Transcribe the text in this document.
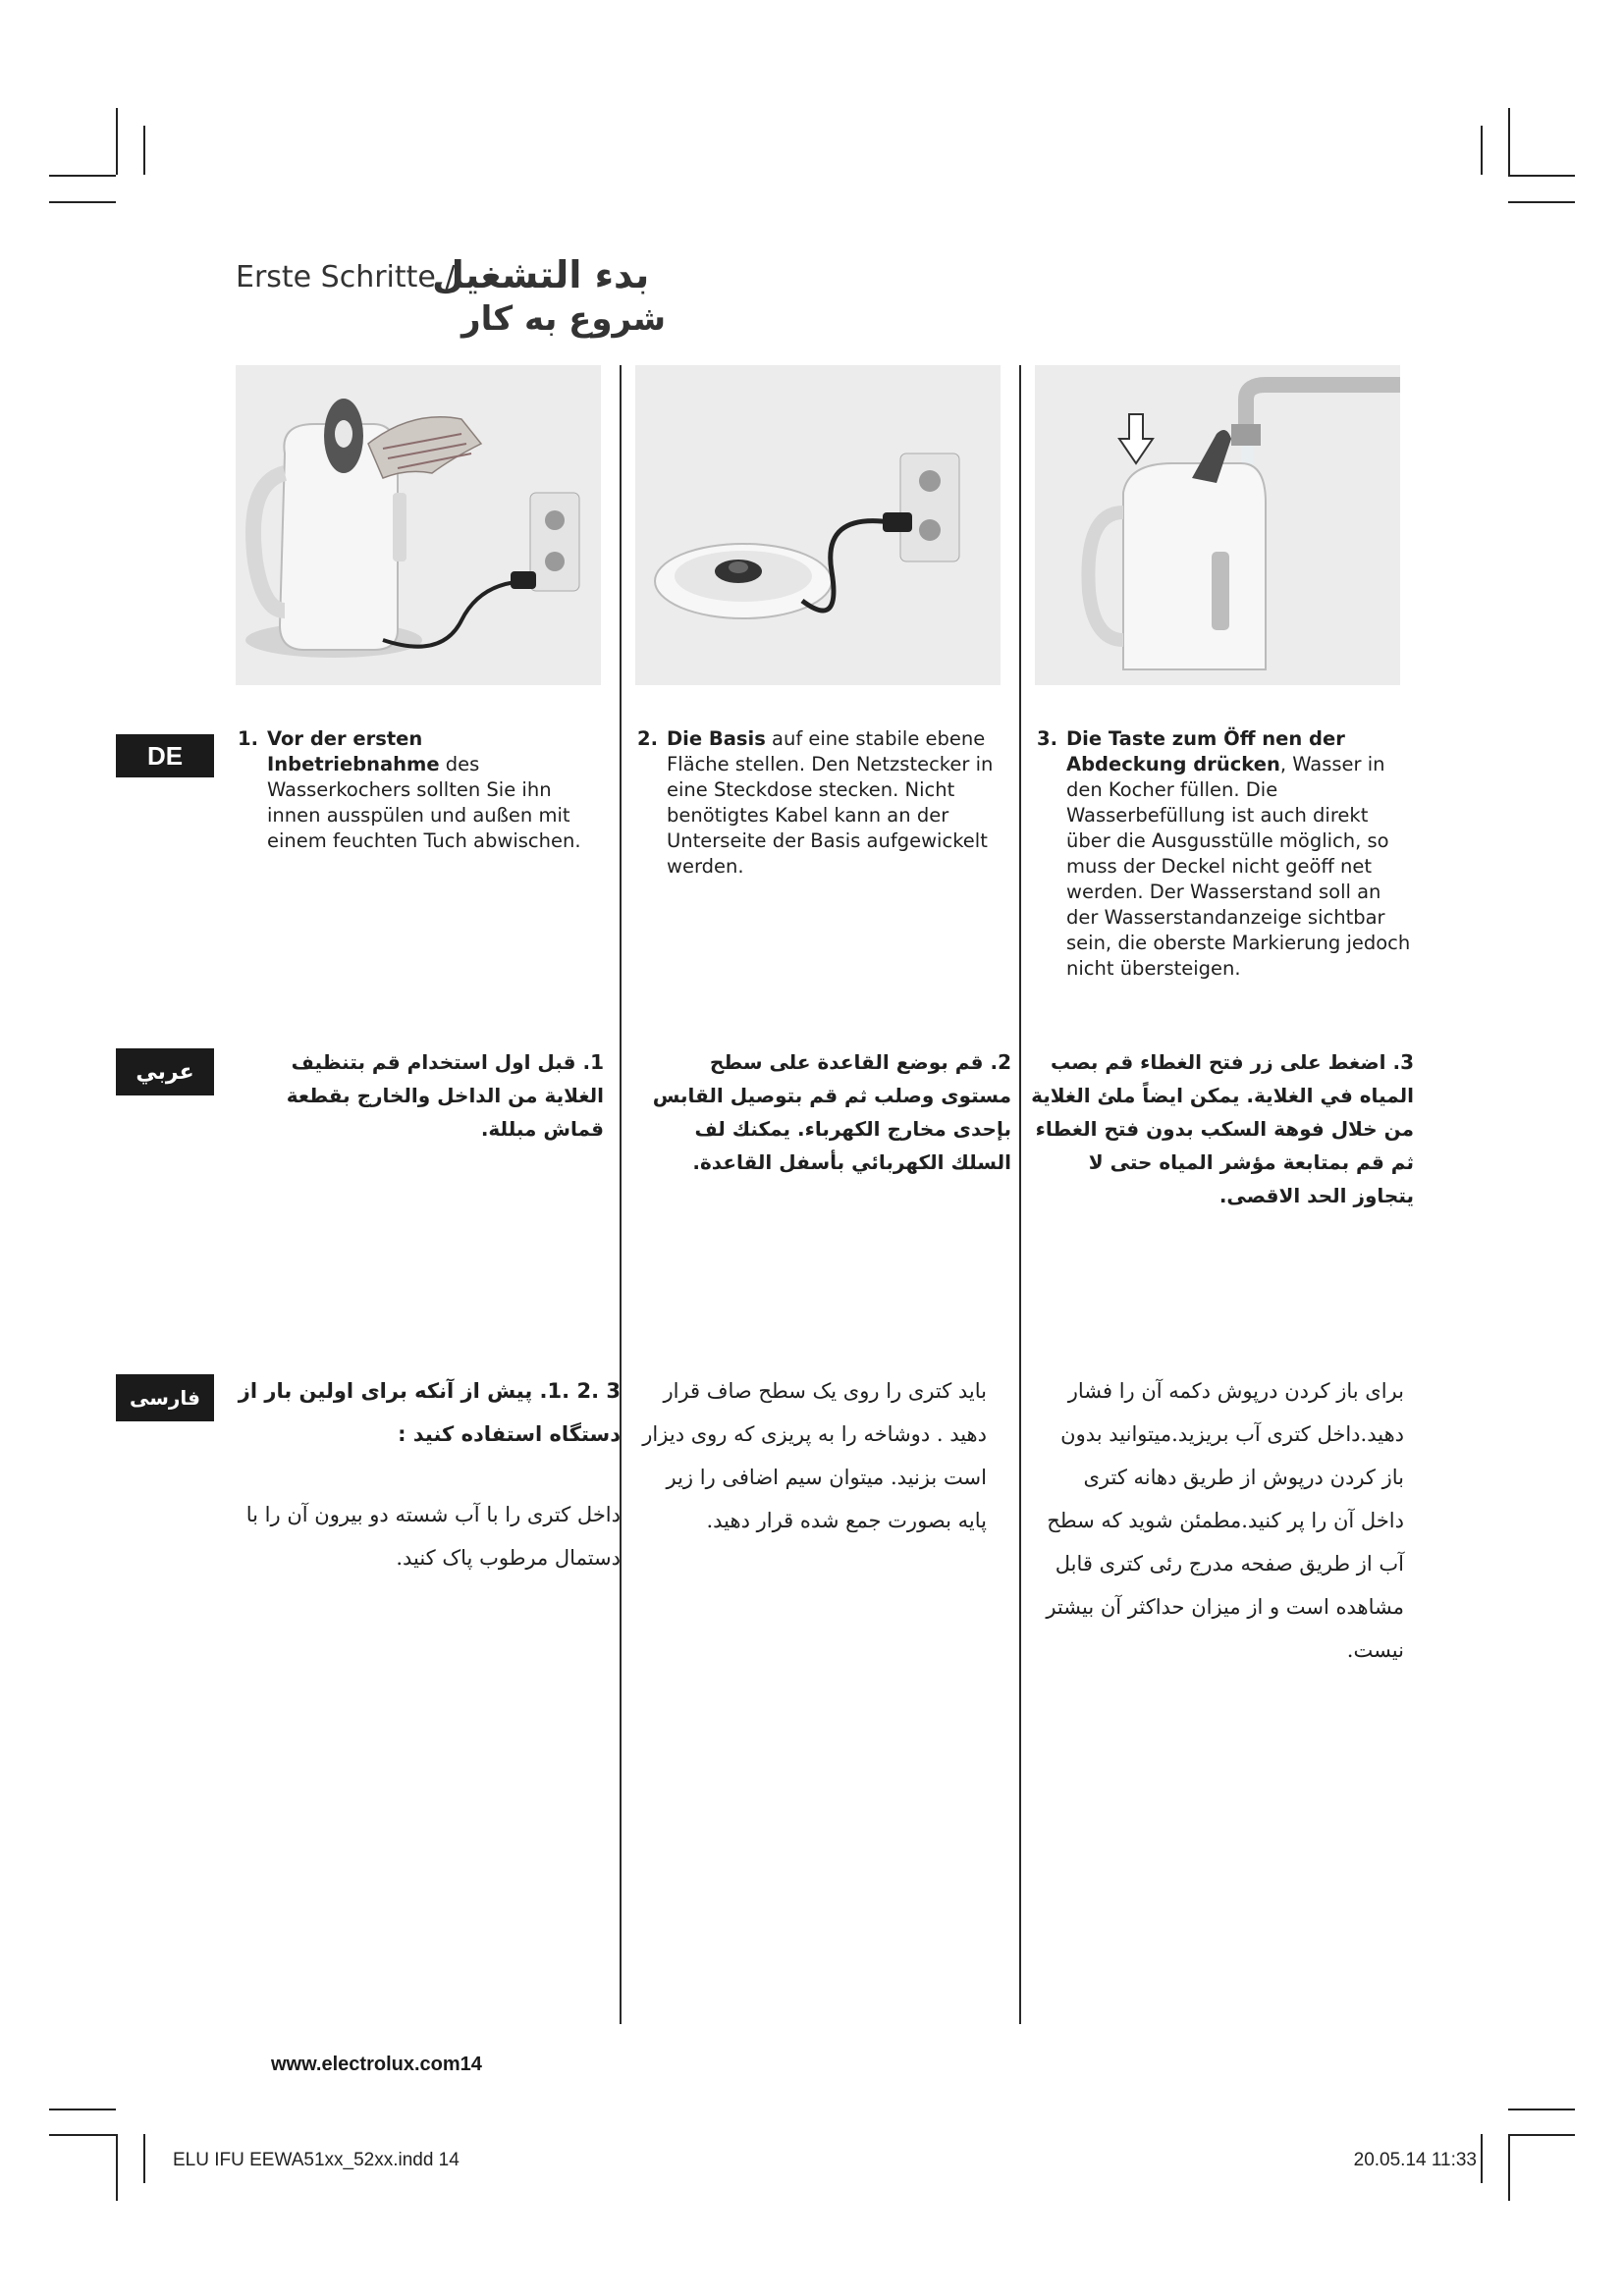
Erste Schritte /
بدء التشغيل
شروع به کار
DE
عربي
فارسی
1. Vor der ersten Inbetriebnahme des Wasserkochers sollten Sie ihn innen ausspülen und außen mit einem feuchten Tuch abwischen.
2. Die Basis auf eine stabile ebene Fläche stellen. Den Netzstecker in eine Steckdose stecken. Nicht benötigtes Kabel kann an der Unterseite der Basis aufgewickelt werden.
3. Die Taste zum Öff nen der Abdeckung drücken, Wasser in den Kocher füllen. Die Wasserbefüllung ist auch direkt über die Ausgusstülle möglich, so muss der Deckel nicht geöff net werden. Der Wasserstand soll an der Wasserstandanzeige sichtbar sein, die oberste Markierung jedoch nicht übersteigen.
1. قبل اول استخدام قم بتنظيف الغلاية من الداخل والخارج بقطعة قماش مبللة.
2. قم بوضع القاعدة على سطح مستوى وصلب ثم قم بتوصيل القابس بإحدى مخارج الكهرباء. يمكنك لف السلك الكهربائي بأسفل القاعدة.
3. اضغط على زر فتح الغطاء قم بصب المياه في الغلاية. يمكن ايضاً ملئ الغلاية من خلال فوهة السكب بدون فتح الغطاء ثم قم بمتابعة مؤشر المياه حتى لا يتجاوز الحد الاقصى.
3 .2 .1. پیش از آنکه برای اولین بار از دستگاه استفاده کنید :
داخل کتری را با آب شسته دو بیرون آن را با دستمال مرطوب پاک کنید.
باید کتری را روی یک سطح صاف قرار دهید . دوشاخه را به پریزی که روی دیزار است بزنید. میتوان سیم اضافی را زیر پایه بصورت جمع شده قرار دهید.
برای باز کردن درپوش دکمه آن را فشار دهید.داخل کتری آب بریزید.میتوانید بدون باز کردن درپوش از طریق دهانه کتری داخل آن را پر کنید.مطمئن شوید که سطح آب از طریق صفحه مدرج رئی کتری قابل مشاهده است و از میزان حداکثر آن بیشتر نیست.
www.electrolux.com14
ELU IFU EEWA51xx_52xx.indd 14	20.05.14 11:33
